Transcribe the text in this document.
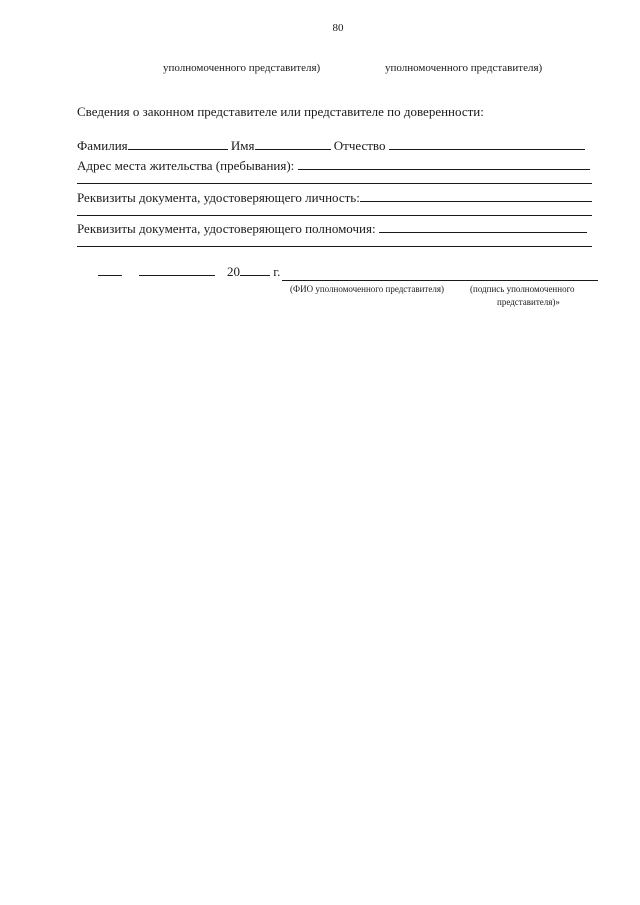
80
уполномоченного представителя)	уполномоченного представителя)
Сведения о законном представителе или представителе по доверенности:
Фамилия	Имя	Отчество
Адрес места жительства (пребывания):
Реквизиты документа, удостоверяющего личность:
Реквизиты документа, удостоверяющего полномочия:
20	г.
(ФИО уполномоченного представителя)	(подпись уполномоченного
представителя)»
